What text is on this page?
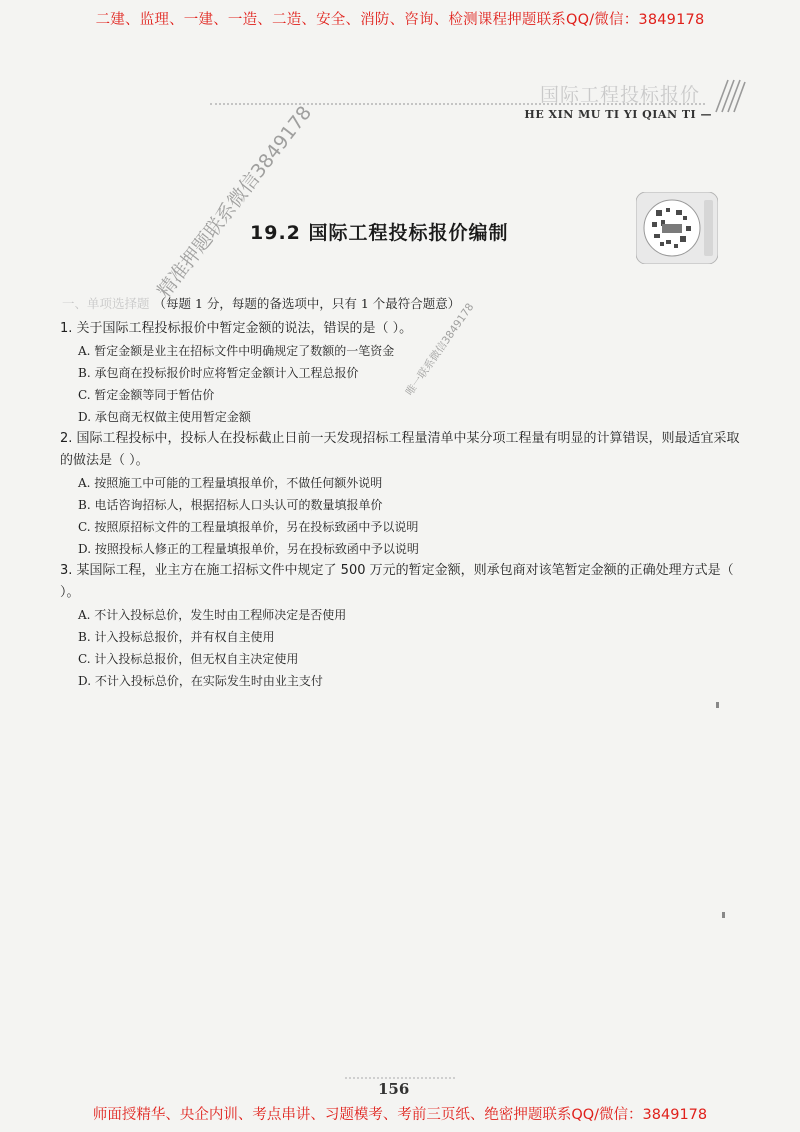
二建、监理、一建、一造、二造、安全、消防、咨询、检测课程押题联系QQ/微信：3849178
国际工程投标报价
HE XIN MU TI YI QIAN TI —
19.2 国际工程投标报价编制
一、单项选择题 （每题 1 分，每题的备选项中，只有 1 个最符合题意）

1. 关于国际工程投标报价中暂定金额的说法，错误的是（ ）。

A. 暂定金额是业主在招标文件中明确规定了数额的一笔资金

B. 承包商在投标报价时应将暂定金额计入工程总报价

C. 暂定金额等同于暂估价

D. 承包商无权做主使用暂定金额

2. 国际工程投标中，投标人在投标截止日前一天发现招标工程量清单中某分项工程量有明显的计算错误，则最适宜采取的做法是（ ）。

A. 按照施工中可能的工程量填报单价，不做任何额外说明

B. 电话咨询招标人，根据招标人口头认可的数量填报单价

C. 按照原招标文件的工程量填报单价，另在投标致函中予以说明

D. 按照投标人修正的工程量填报单价，另在投标致函中予以说明

3. 某国际工程，业主方在施工招标文件中规定了 500 万元的暂定金额，则承包商对该笔暂定金额的正确处理方式是（ ）。

A. 不计入投标总价，发生时由工程师决定是否使用

B. 计入投标总报价，并有权自主使用

C. 计入投标总报价，但无权自主决定使用

D. 不计入投标总价，在实际发生时由业主支付

精准押题联系微信3849178
唯一联系微信3849178
156
师面授精华、央企内训、考点串讲、习题模考、考前三页纸、绝密押题联系QQ/微信：3849178
